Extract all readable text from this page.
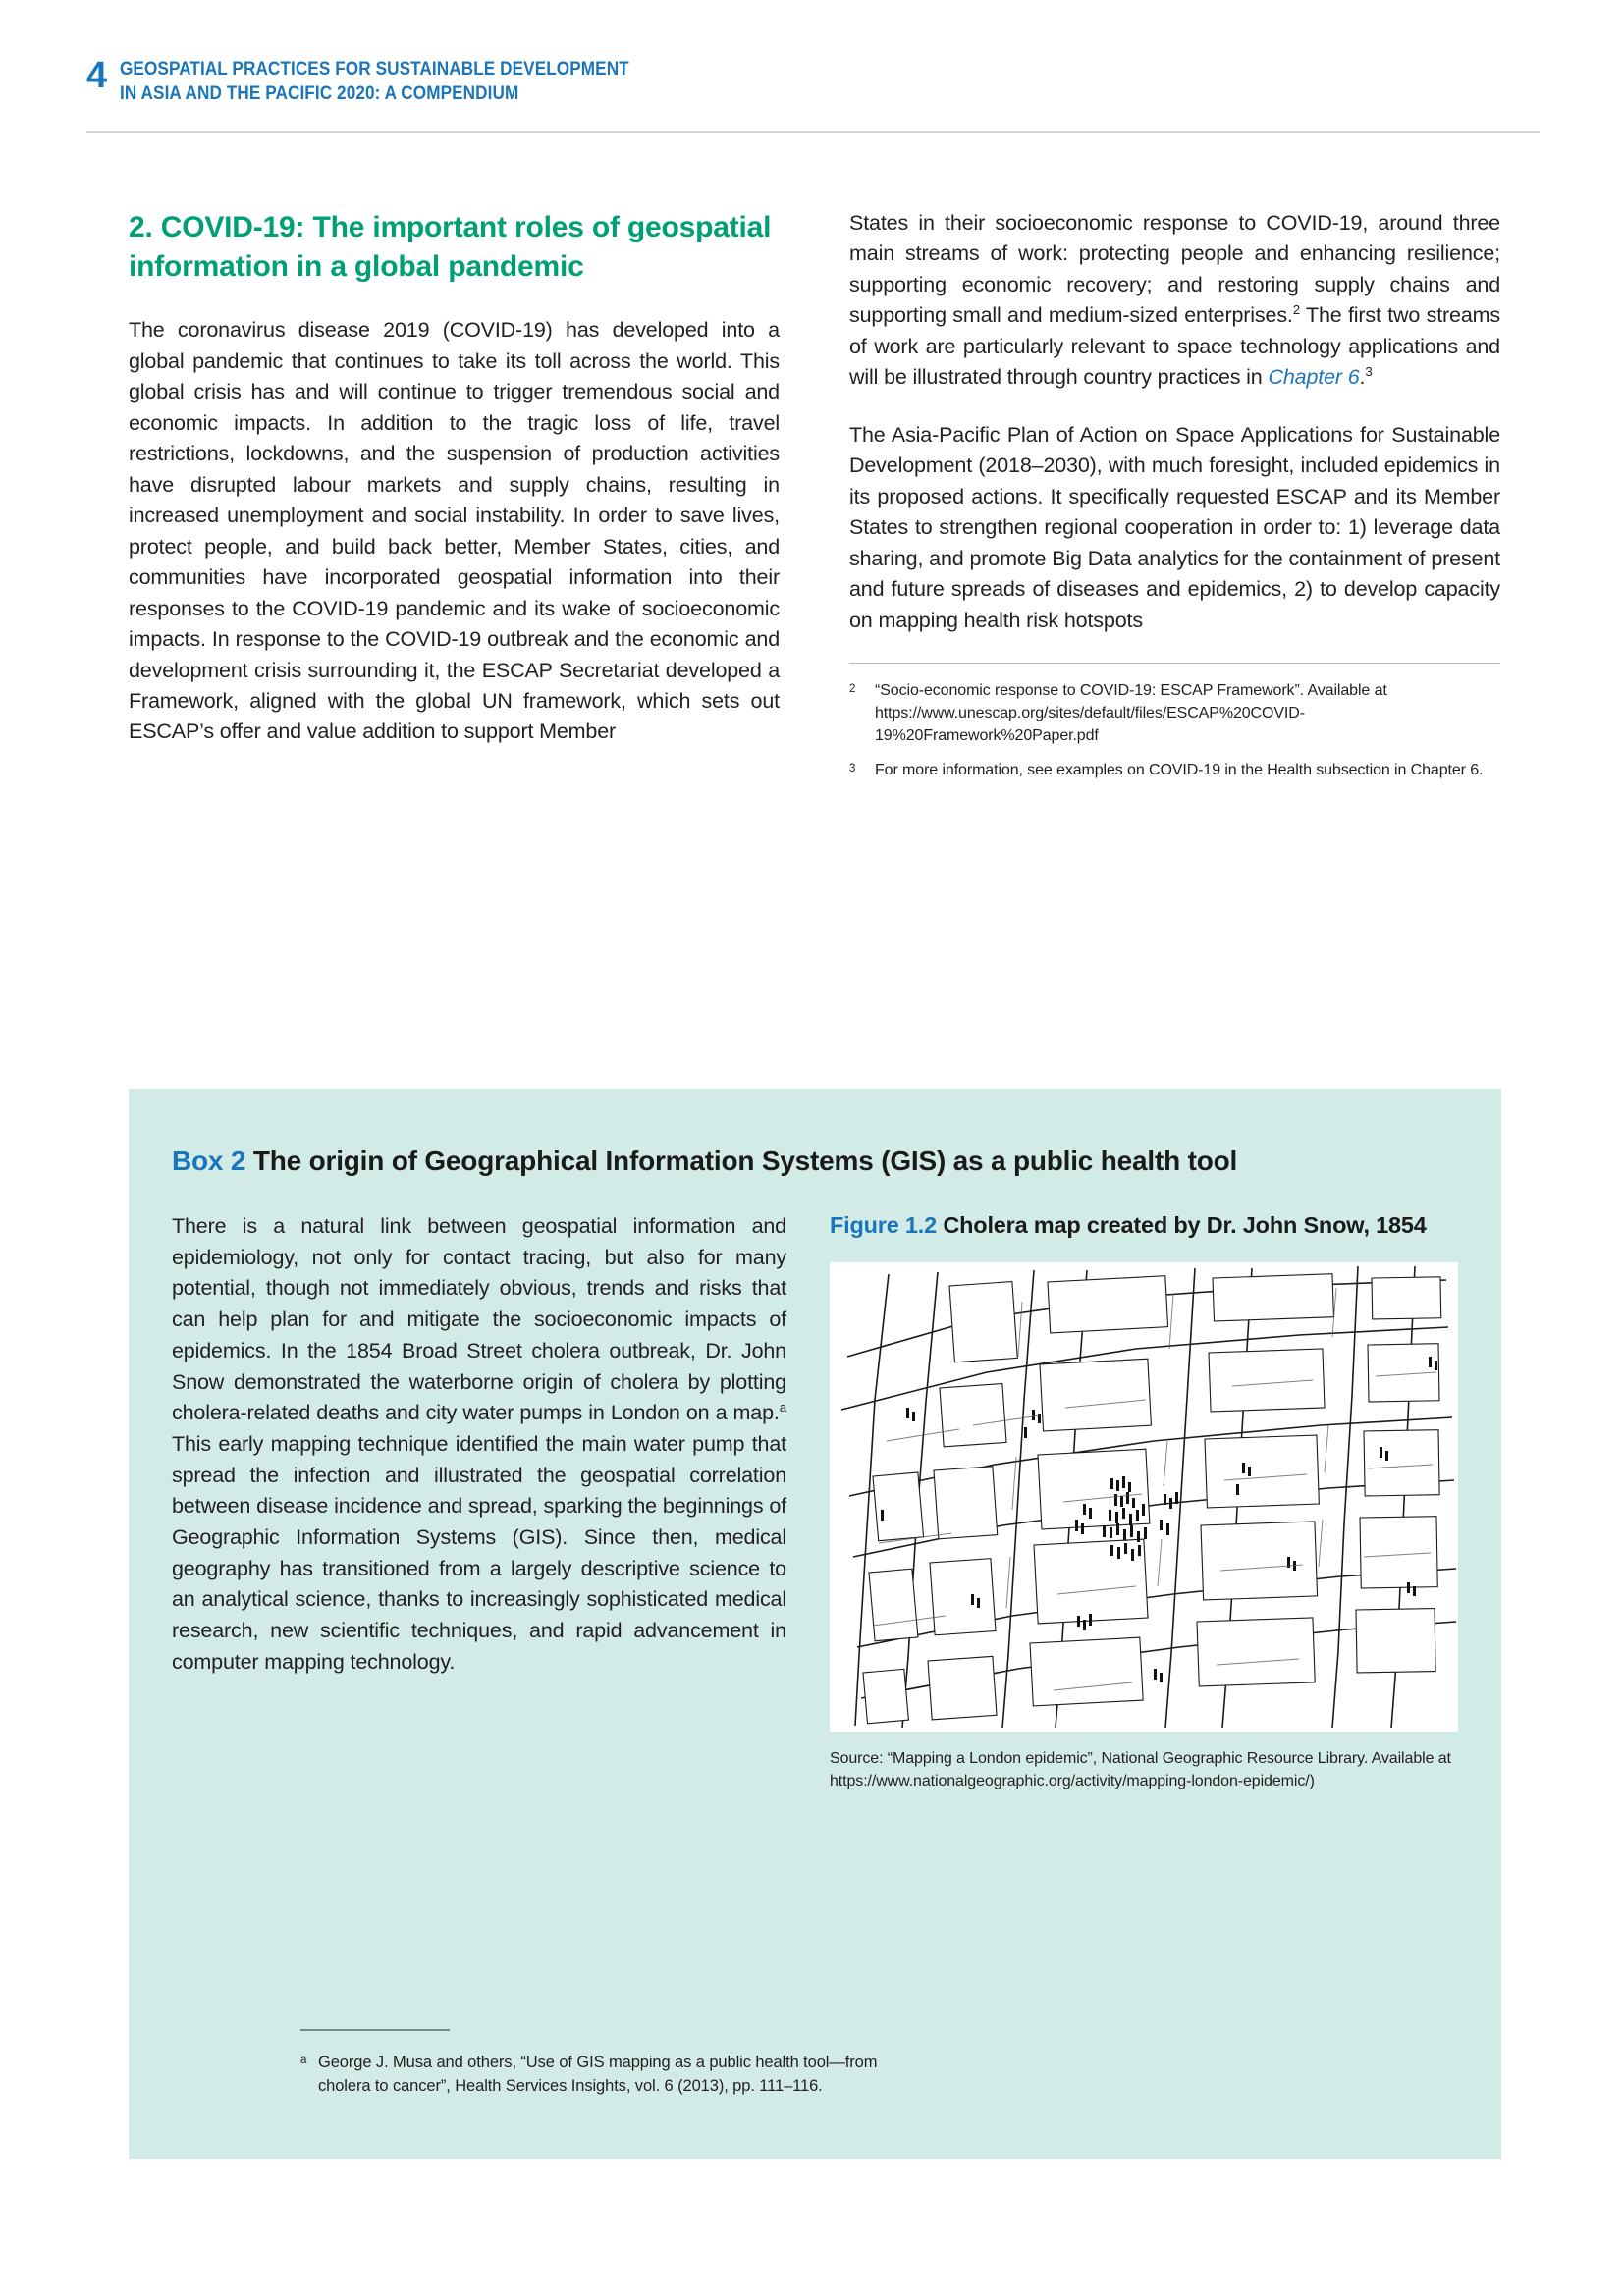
4 GEOSPATIAL PRACTICES FOR SUSTAINABLE DEVELOPMENT
IN ASIA AND THE PACIFIC 2020: A COMPENDIUM
2. COVID-19: The important roles of geospatial information in a global pandemic

The coronavirus disease 2019 (COVID-19) has developed into a global pandemic that continues to take its toll across the world. This global crisis has and will continue to trigger tremendous social and economic impacts. In addition to the tragic loss of life, travel restrictions, lockdowns, and the suspension of production activities have disrupted labour markets and supply chains, resulting in increased unemployment and social instability. In order to save lives, protect people, and build back better, Member States, cities, and communities have incorporated geospatial information into their responses to the COVID-19 pandemic and its wake of socioeconomic impacts. In response to the COVID-19 outbreak and the economic and development crisis surrounding it, the ESCAP Secretariat developed a Framework, aligned with the global UN framework, which sets out ESCAP’s offer and value addition to support Member

States in their socioeconomic response to COVID-19, around three main streams of work: protecting people and enhancing resilience; supporting economic recovery; and restoring supply chains and supporting small and medium-sized enterprises.$^2$ The first two streams of work are particularly relevant to space technology applications and will be illustrated through country practices in Chapter 6.$^3$

The Asia-Pacific Plan of Action on Space Applications for Sustainable Development (2018–2030), with much foresight, included epidemics in its proposed actions. It specifically requested ESCAP and its Member States to strengthen regional cooperation in order to: 1) leverage data sharing, and promote Big Data analytics for the containment of present and future spreads of diseases and epidemics, 2) to develop capacity on mapping health risk hotspots

2	“Socio-economic response to COVID-19: ESCAP Framework”. Available at https://www.unescap.org/sites/default/files/ESCAP%20COVID-19%20Framework%20Paper.pdf
3	For more information, see examples on COVID-19 in the Health subsection in Chapter 6.
Box 2 The origin of Geographical Information Systems (GIS) as a public health tool

There is a natural link between geospatial information and epidemiology, not only for contact tracing, but also for many potential, though not immediately obvious, trends and risks that can help plan for and mitigate the socioeconomic impacts of epidemics. In the 1854 Broad Street cholera outbreak, Dr. John Snow demonstrated the waterborne origin of cholera by plotting cholera-related deaths and city water pumps in London on a map.$^a$ This early mapping technique identified the main water pump that spread the infection and illustrated the geospatial correlation between disease incidence and spread, sparking the beginnings of Geographic Information Systems (GIS). Since then, medical geography has transitioned from a largely descriptive science to an analytical science, thanks to increasingly sophisticated medical research, new scientific techniques, and rapid advancement in computer mapping technology.

Figure 1.2 Cholera map created by Dr. John Snow, 1854
Source: “Mapping a London epidemic”, National Geographic Resource Library. Available at https://www.nationalgeographic.org/activity/mapping-london-epidemic/)
a George J. Musa and others, “Use of GIS mapping as a public health tool—from cholera to cancer”, Health Services Insights, vol. 6 (2013), pp. 111–116.
